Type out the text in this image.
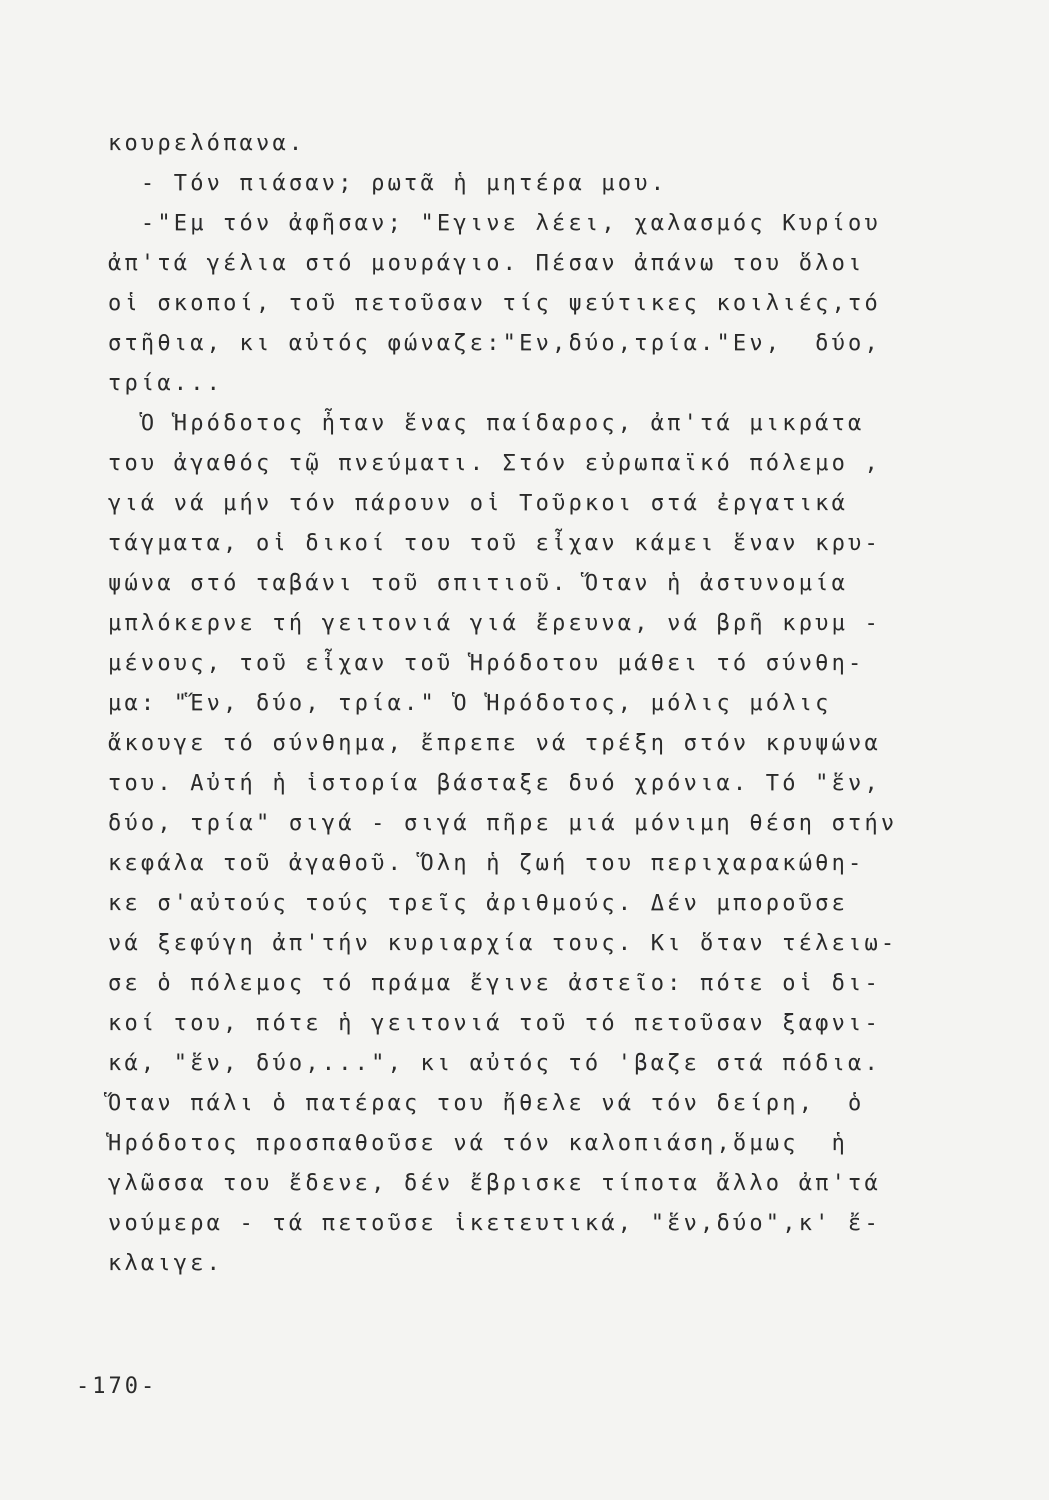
κουρελόπανα.
- Τόν πιάσαν; ρωτᾶ ἡ μητέρα μου.
-"Εμ τόν ἀφῆσαν; "Εγινε λέει, χαλασμός Κυρίου
ἀπ'τά γέλια στό μουράγιο. Πέσαν ἀπάνω του ὅλοι
οἱ σκοποί, τοῦ πετοῦσαν τίς ψεύτικες κοιλιές,τό
στῆθια, κι αὐτός φώναζε:"Εν,δύο,τρία."Εν,  δύο,
τρία...
Ὁ Ἡρόδοτος ἦταν ἕνας παίδαρος, ἀπ'τά μικράτα
του ἀγαθός τῷ πνεύματι. Στόν εὐρωπαϊκό πόλεμο ,
γιά νά μήν τόν πάρουν οἱ Τοῦρκοι στά ἐργατικά
τάγματα, οἱ δικοί του τοῦ εἶχαν κάμει ἕναν κρυ-
ψώνα στό ταβάνι τοῦ σπιτιοῦ. Ὅταν ἡ ἀστυνομία
μπλόκερνε τή γειτονιά γιά ἔρευνα, νά βρῆ κρυμ -
μένους, τοῦ εἶχαν τοῦ Ἡρόδοτου μάθει τό σύνθη-
μα: "Ἕν, δύο, τρία." Ὁ Ἡρόδοτος, μόλις μόλις
ἄκουγε τό σύνθημα, ἔπρεπε νά τρέξη στόν κρυψώνα
του. Αὐτή ἡ ἱστορία βάσταξε δυό χρόνια. Τό "ἕν,
δύο, τρία" σιγά - σιγά πῆρε μιά μόνιμη θέση στήν
κεφάλα τοῦ ἀγαθοῦ. Ὅλη ἡ ζωή του περιχαρακώθη-
κε σ'αὐτούς τούς τρεῖς ἀριθμούς. Δέν μποροῦσε
νά ξεφύγη ἀπ'τήν κυριαρχία τους. Κι ὅταν τέλειω-
σε ὁ πόλεμος τό πράμα ἔγινε ἀστεῖο: πότε οἱ δι-
κοί του, πότε ἡ γειτονιά τοῦ τό πετοῦσαν ξαφνι-
κά, "ἕν, δύο,...", κι αὐτός τό 'βαζε στά πόδια.
Ὅταν πάλι ὁ πατέρας του ἤθελε νά τόν δείρη,  ὁ
Ἡρόδοτος προσπαθοῦσε νά τόν καλοπιάση,ὅμως  ἡ
γλῶσσα του ἔδενε, δέν ἔβρισκε τίποτα ἄλλο ἀπ'τά
νούμερα - τά πετοῦσε ἱκετευτικά, "ἕν,δύο",κ' ἔ-
κλαιγε.
-170-
